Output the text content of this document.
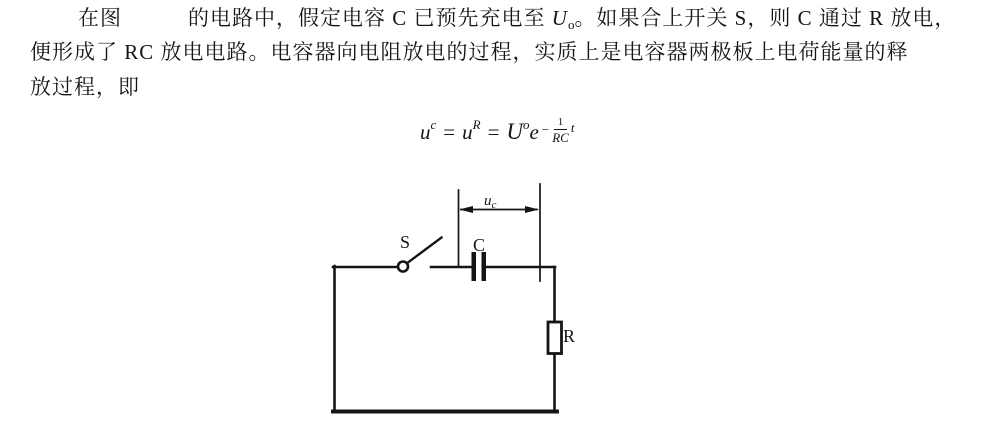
在图	的电路中，假定电容 C 已预先充电至 Uo。如果合上开关 S，则 C 通过 R 放电，
便形成了 RC 放电电路。电容器向电阻放电的过程，实质上是电容器两极板上电荷能量的释
放过程，即
u c = u R = U o $e - \frac{1}{RC}$ t
S	C
R
uc
